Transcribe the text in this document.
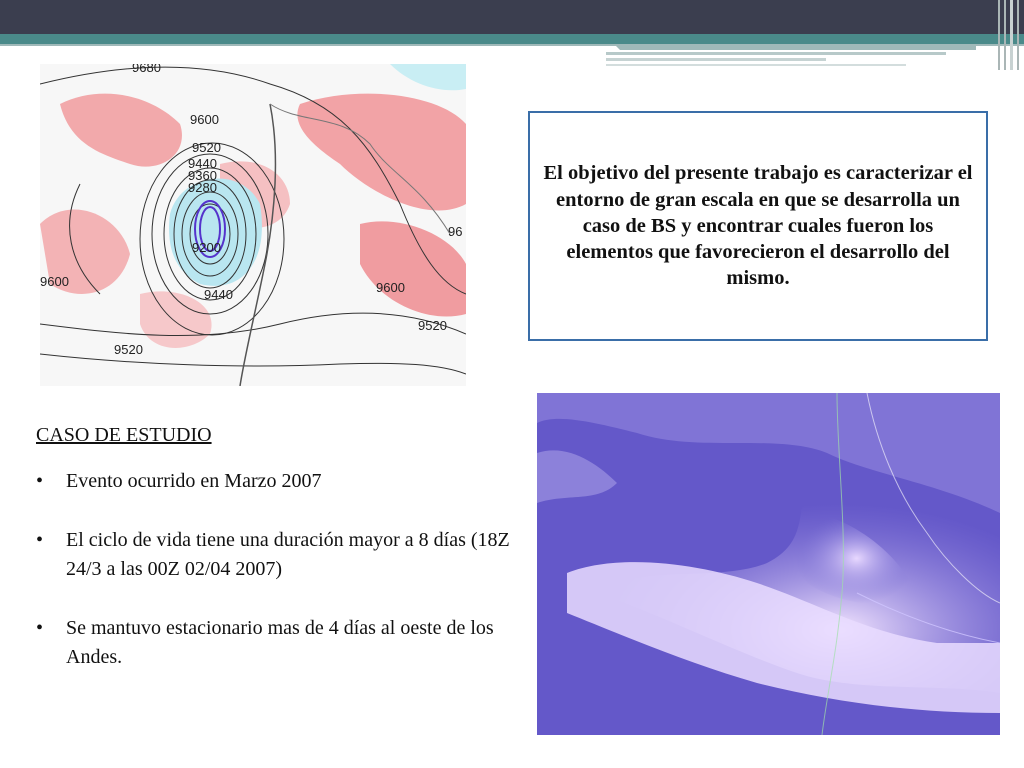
9680
9600
9520
9440
9360
9280
9200
9440
9600
9520
9600
9520
96

El objetivo del presente trabajo es caracterizar el entorno de gran escala en que se desarrolla un caso de BS y encontrar cuales fueron los elementos que favorecieron el desarrollo del mismo.

CASO DE ESTUDIO

• Evento ocurrido en Marzo 2007
• El ciclo de vida tiene una duración mayor a 8 días (18Z 24/3 a las 00Z 02/04 2007)
• Se mantuvo estacionario mas de 4 días al oeste de los Andes.
